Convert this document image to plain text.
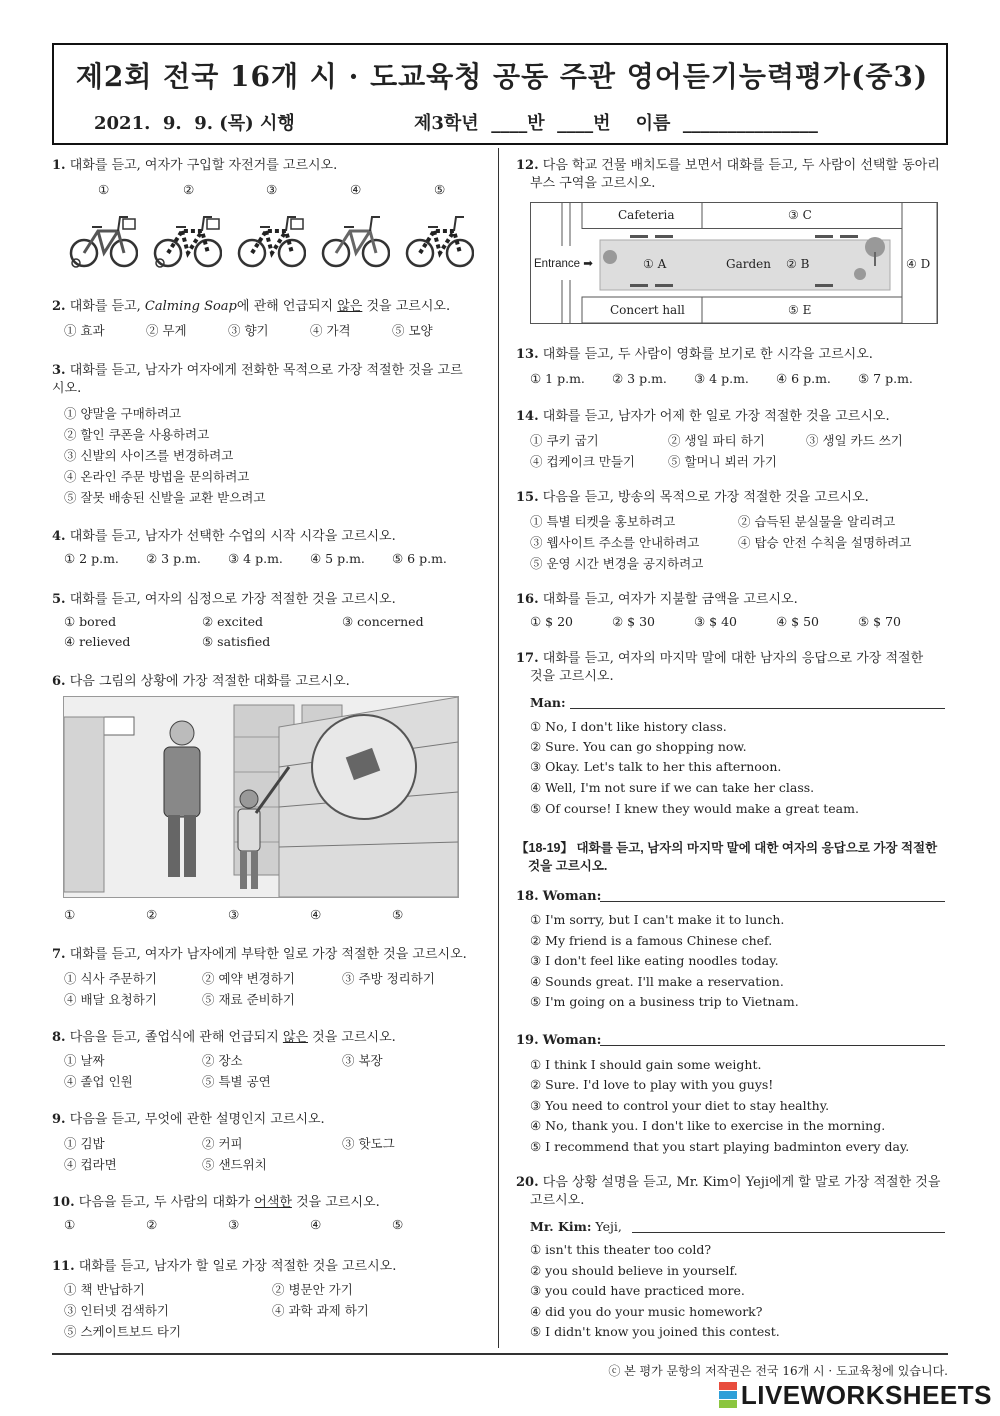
제2회 전국 16개 시 · 도교육청 공동 주관 영어듣기능력평가(중3)
2021.  9.  9. (목) 시행	제3학년  ____반  ____번    이름  _______________
1. 대화를 듣고, 여자가 구입할 자전거를 고르시오.
①	②	③	④	⑤
2. 대화를 듣고, Calming Soap에 관해 언급되지 않은 것을 고르시오.
① 효과	② 무게	③ 향기	④ 가격	⑤ 모양
3. 대화를 듣고, 남자가 여자에게 전화한 목적으로 가장 적절한 것을 고르
시오.
① 양말을 구매하려고
② 할인 쿠폰을 사용하려고
③ 신발의 사이즈를 변경하려고
④ 온라인 주문 방법을 문의하려고
⑤ 잘못 배송된 신발을 교환 받으려고
4. 대화를 듣고, 남자가 선택한 수업의 시작 시각을 고르시오.
① 2 p.m. ② 3 p.m. ③ 4 p.m. ④ 5 p.m. ⑤ 6 p.m.
5. 대화를 듣고, 여자의 심정으로 가장 적절한 것을 고르시오.
① bored	② excited	③ concerned
④ relieved	⑤ satisfied
6. 다음 그림의 상황에 가장 적절한 대화를 고르시오.
①	②	③	④	⑤
7. 대화를 듣고, 여자가 남자에게 부탁한 일로 가장 적절한 것을 고르시오.
① 식사 주문하기	② 예약 변경하기	③ 주방 정리하기
④ 배달 요청하기	⑤ 재료 준비하기
8. 다음을 듣고, 졸업식에 관해 언급되지 않은 것을 고르시오.
① 날짜	② 장소	③ 복장
④ 졸업 인원	⑤ 특별 공연
9. 다음을 듣고, 무엇에 관한 설명인지 고르시오.
① 김밥	② 커피	③ 핫도그
④ 컵라면	⑤ 샌드위치
10. 다음을 듣고, 두 사람의 대화가 어색한 것을 고르시오.
①	②	③	④	⑤
11. 대화를 듣고, 남자가 할 일로 가장 적절한 것을 고르시오.
① 책 반납하기	② 병문안 가기
③ 인터넷 검색하기	④ 과학 과제 하기
⑤ 스케이트보드 타기
12. 다음 학교 건물 배치도를 보면서 대화를 듣고, 두 사람이 선택할 동아리
부스 구역을 고르시오.
Cafeteria	③ C
Entrance ➡	① A	Garden ② B	④ D
Concert hall	⑤ E
13. 대화를 듣고, 두 사람이 영화를 보기로 한 시각을 고르시오.
① 1 p.m. ② 3 p.m. ③ 4 p.m. ④ 6 p.m. ⑤ 7 p.m.
14. 대화를 듣고, 남자가 어제 한 일로 가장 적절한 것을 고르시오.
① 쿠키 굽기	② 생일 파티 하기	③ 생일 카드 쓰기
④ 컵케이크 만들기	⑤ 할머니 뵈러 가기
15. 다음을 듣고, 방송의 목적으로 가장 적절한 것을 고르시오.
① 특별 티켓을 홍보하려고	② 습득된 분실물을 알리려고
③ 웹사이트 주소를 안내하려고	④ 탑승 안전 수칙을 설명하려고
⑤ 운영 시간 변경을 공지하려고
16. 대화를 듣고, 여자가 지불할 금액을 고르시오.
① $ 20	② $ 30	③ $ 40	④ $ 50	⑤ $ 70
17. 대화를 듣고, 여자의 마지막 말에 대한 남자의 응답으로 가장 적절한
것을 고르시오.
Man:
① No, I don't like history class.
② Sure. You can go shopping now.
③ Okay. Let's talk to her this afternoon.
④ Well, I'm not sure if we can take her class.
⑤ Of course! I knew they would make a great team.
【18-19】 대화를 듣고, 남자의 마지막 말에 대한 여자의 응답으로 가장 적절한
것을 고르시오.
18. Woman:
① I'm sorry, but I can't make it to lunch.
② My friend is a famous Chinese chef.
③ I don't feel like eating noodles today.
④ Sounds great. I'll make a reservation.
⑤ I'm going on a business trip to Vietnam.
19. Woman:
① I think I should gain some weight.
② Sure. I'd love to play with you guys!
③ You need to control your diet to stay healthy.
④ No, thank you. I don't like to exercise in the morning.
⑤ I recommend that you start playing badminton every day.
20. 다음 상황 설명을 듣고, Mr. Kim이 Yeji에게 할 말로 가장 적절한 것을
고르시오.
Mr. Kim: Yeji,
① isn't this theater too cold?
② you should believe in yourself.
③ you could have practiced more.
④ did you do your music homework?
⑤ I didn't know you joined this contest.
ⓒ 본 평가 문항의 저작권은 전국 16개 시 · 도교육청에 있습니다.
LIVEWORKSHEETS
